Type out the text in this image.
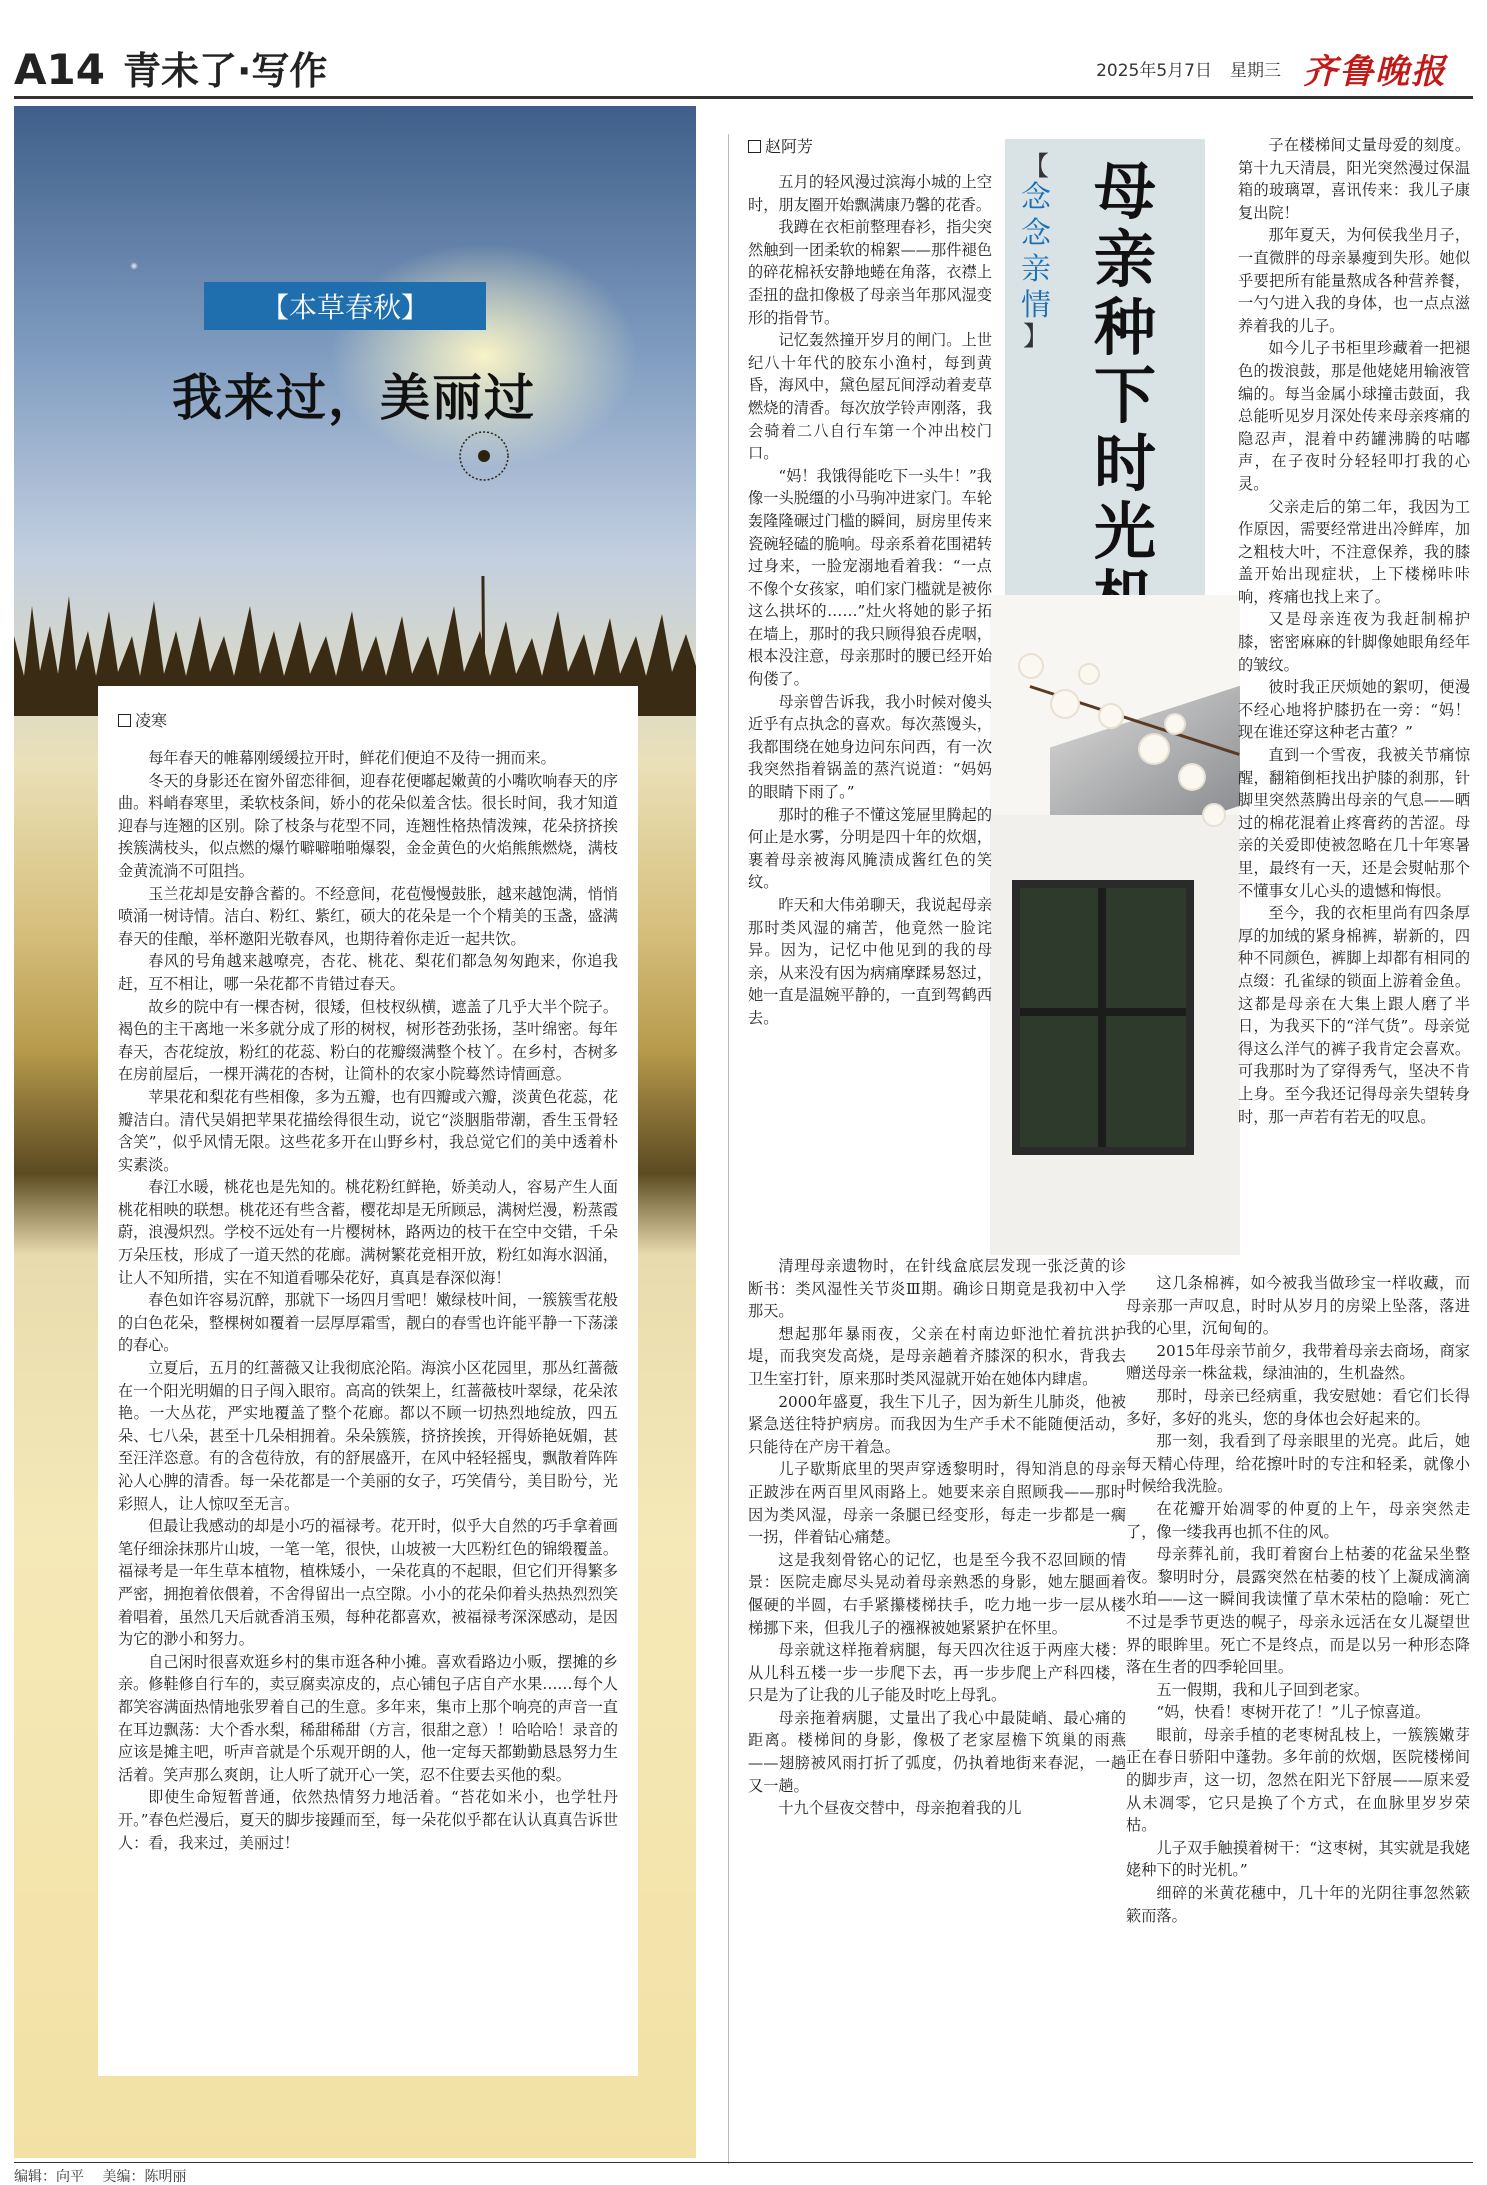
A14 青未了·写作	2025年5月7日 星期三 齐鲁晚报
【本草春秋】
我来过，美丽过
凌寒

每年春天的帷幕刚缓缓拉开时，鲜花们便迫不及待一拥而来。

冬天的身影还在窗外留恋徘徊，迎春花便嘟起嫩黄的小嘴吹响春天的序曲。料峭春寒里，柔软枝条间，娇小的花朵似羞含怯。很长时间，我才知道迎春与连翘的区别。除了枝条与花型不同，连翘性格热情泼辣，花朵挤挤挨挨簇满枝头，似点燃的爆竹噼噼啪啪爆裂，金金黄色的火焰熊熊燃烧，满枝金黄流淌不可阻挡。

玉兰花却是安静含蓄的。不经意间，花苞慢慢鼓胀，越来越饱满，悄悄喷涌一树诗情。洁白、粉红、紫红，硕大的花朵是一个个精美的玉盏，盛满春天的佳酿，举杯邀阳光敬春风，也期待着你走近一起共饮。

春风的号角越来越嘹亮，杏花、桃花、梨花们都急匆匆跑来，你追我赶，互不相让，哪一朵花都不肯错过春天。

故乡的院中有一棵杏树，很矮，但枝杈纵横，遮盖了几乎大半个院子。褐色的主干离地一米多就分成了形的树杈，树形苍劲张扬，茎叶绵密。每年春天，杏花绽放，粉红的花蕊、粉白的花瓣缀满整个枝丫。在乡村，杏树多在房前屋后，一棵开满花的杏树，让简朴的农家小院蓦然诗情画意。

苹果花和梨花有些相像，多为五瓣，也有四瓣或六瓣，淡黄色花蕊，花瓣洁白。清代吴娟把苹果花描绘得很生动，说它“淡胭脂带潮，香生玉骨轻含笑”，似乎风情无限。这些花多开在山野乡村，我总觉它们的美中透着朴实素淡。

春江水暖，桃花也是先知的。桃花粉红鲜艳，娇美动人，容易产生人面桃花相映的联想。桃花还有些含蓄，樱花却是无所顾忌，满树烂漫，粉蒸霞蔚，浪漫炽烈。学校不远处有一片樱树林，路两边的枝干在空中交错，千朵万朵压枝，形成了一道天然的花廊。满树繁花竞相开放，粉红如海水泅涌，让人不知所措，实在不知道看哪朵花好，真真是春深似海！

春色如许容易沉醉，那就下一场四月雪吧！嫩绿枝叶间，一簇簇雪花般的白色花朵，整棵树如覆着一层厚厚霜雪，靓白的春雪也许能平静一下荡漾的春心。

立夏后，五月的红蔷薇又让我彻底沦陷。海滨小区花园里，那丛红蔷薇在一个阳光明媚的日子闯入眼帘。高高的铁架上，红蔷薇枝叶翠绿，花朵浓艳。一大丛花，严实地覆盖了整个花廊。都以不顾一切热烈地绽放，四五朵、七八朵，甚至十几朵相拥着。朵朵簇簇，挤挤挨挨，开得娇艳妩媚，甚至汪洋恣意。有的含苞待放，有的舒展盛开，在风中轻轻摇曳，飘散着阵阵沁人心脾的清香。每一朵花都是一个美丽的女子，巧笑倩兮，美目盼兮，光彩照人，让人惊叹至无言。

但最让我感动的却是小巧的福禄考。花开时，似乎大自然的巧手拿着画笔仔细涂抹那片山坡，一笔一笔，很快，山坡被一大匹粉红色的锦缎覆盖。福禄考是一年生草本植物，植株矮小，一朵花真的不起眼，但它们开得繁多严密，拥抱着依偎着，不舍得留出一点空隙。小小的花朵仰着头热热烈烈笑着唱着，虽然几天后就香消玉殒，每种花都喜欢，被福禄考深深感动，是因为它的渺小和努力。

自己闲时很喜欢逛乡村的集市逛各种小摊。喜欢看路边小贩，摆摊的乡亲。修鞋修自行车的，卖豆腐卖凉皮的，点心铺包子店自产水果……每个人都笑容满面热情地张罗着自己的生意。多年来，集市上那个响亮的声音一直在耳边飘荡：大个香水梨，稀甜稀甜（方言，很甜之意）！哈哈哈！录音的应该是摊主吧，听声音就是个乐观开朗的人，他一定每天都勤勤恳恳努力生活着。笑声那么爽朗，让人听了就开心一笑，忍不住要去买他的梨。

即使生命短暂普通，依然热情努力地活着。“苔花如米小，也学牡丹开。”春色烂漫后，夏天的脚步接踵而至，每一朵花似乎都在认认真真告诉世人：看，我来过，美丽过！

【
念
念
亲
情
】
母
亲
种
下
时
光
赵阿芳

五月的轻风漫过滨海小城的上空时，朋友圈开始飘满康乃馨的花香。

我蹲在衣柜前整理春衫，指尖突然触到一团柔软的棉絮——那件褪色的碎花棉袄安静地蜷在角落，衣襟上歪扭的盘扣像极了母亲当年那风湿变形的指骨节。

记忆轰然撞开岁月的闸门。上世纪八十年代的胶东小渔村，每到黄昏，海风中，黛色屋瓦间浮动着麦草燃烧的清香。每次放学铃声刚落，我会骑着二八自行车第一个冲出校门口。

“妈！我饿得能吃下一头牛！”我像一头脱缰的小马驹冲进家门。车轮轰隆隆碾过门槛的瞬间，厨房里传来瓷碗轻磕的脆响。母亲系着花围裙转过身来，一脸宠溺地看着我：“一点不像个女孩家，咱们家门槛就是被你这么拱坏的……”灶火将她的影子拓在墙上，那时的我只顾得狼吞虎咽，根本没注意，母亲那时的腰已经开始佝偻了。

母亲曾告诉我，我小时候对傻头近乎有点执念的喜欢。每次蒸馒头，我都围绕在她身边问东问西，有一次我突然指着锅盖的蒸汽说道：“妈妈的眼睛下雨了。”

那时的稚子不懂这笼屉里腾起的何止是水雾，分明是四十年的炊烟，裹着母亲被海风腌渍成酱红色的笑纹。

昨天和大伟弟聊天，我说起母亲那时类风湿的痛苦，他竟然一脸诧异。因为，记忆中他见到的我的母亲，从来没有因为病痛摩蹂易怒过，她一直是温婉平静的，一直到驾鹤西去。

清理母亲遗物时，在针线盒底层发现一张泛黄的诊断书：类风湿性关节炎Ⅲ期。确诊日期竟是我初中入学那天。

想起那年暴雨夜，父亲在村南边虾池忙着抗洪护堤，而我突发高烧，是母亲趟着齐膝深的积水，背我去卫生室打针，原来那时类风湿就开始在她体内肆虐。

2000年盛夏，我生下儿子，因为新生儿肺炎，他被紧急送往特护病房。而我因为生产手术不能随便活动，只能待在产房干着急。

儿子歇斯底里的哭声穿透黎明时，得知消息的母亲正跛涉在两百里风雨路上。她要来亲自照顾我——那时因为类风湿，母亲一条腿已经变形，每走一步都是一瘸一拐，伴着钻心痛楚。

这是我刻骨铭心的记忆，也是至今我不忍回顾的情景：医院走廊尽头晃动着母亲熟悉的身影，她左腿画着偃硬的半圆，右手紧攥楼梯扶手，吃力地一步一层从楼梯挪下来，但我儿子的襁褓被她紧紧护在怀里。

母亲就这样拖着病腿，每天四次往返于两座大楼：从儿科五楼一步一步爬下去，再一步步爬上产科四楼，只是为了让我的儿子能及时吃上母乳。

母亲拖着病腿，丈量出了我心中最陡峭、最心痛的距离。楼梯间的身影，像极了老家屋檐下筑巢的雨燕——翅膀被风雨打折了弧度，仍执着地街来春泥，一趟又一趟。

十九个昼夜交替中，母亲抱着我的儿

子在楼梯间丈量母爱的刻度。第十九天清晨，阳光突然漫过保温箱的玻璃罩，喜讯传来：我儿子康复出院！

那年夏天，为何侯我坐月子，一直微胖的母亲暴瘦到失形。她似乎要把所有能量熬成各种营养餐，一勺勺进入我的身体，也一点点滋养着我的儿子。

如今儿子书柜里珍藏着一把褪色的拨浪鼓，那是他姥姥用输液管编的。每当金属小球撞击鼓面，我总能听见岁月深处传来母亲疼痛的隐忍声，混着中药罐沸腾的咕嘟声，在子夜时分轻轻叩打我的心灵。

父亲走后的第二年，我因为工作原因，需要经常进出冷鲜库，加之粗枝大叶，不注意保养，我的膝盖开始出现症状，上下楼梯咔咔响，疼痛也找上来了。

又是母亲连夜为我赶制棉护膝，密密麻麻的针脚像她眼角经年的皱纹。

彼时我正厌烦她的絮叨，便漫不经心地将护膝扔在一旁：“妈！现在谁还穿这种老古董？”

直到一个雪夜，我被关节痛惊醒，翻箱倒柜找出护膝的刹那，针脚里突然蒸腾出母亲的气息——晒过的棉花混着止疼膏药的苦涩。母亲的关爱即使被忽略在几十年寒暑里，最终有一天，还是会熨帖那个不懂事女儿心头的遗憾和悔恨。

至今，我的衣柜里尚有四条厚厚的加绒的紧身棉裤，崭新的，四种不同颜色，裤脚上却都有相同的点缀：孔雀绿的锁面上游着金鱼。这都是母亲在大集上跟人磨了半日，为我买下的“洋气货”。母亲觉得这么洋气的裤子我肯定会喜欢。可我那时为了穿得秀气，坚决不肯上身。至今我还记得母亲失望转身时，那一声若有若无的叹息。

这几条棉裤，如今被我当做珍宝一样收藏，而母亲那一声叹息，时时从岁月的房梁上坠落，落进我的心里，沉甸甸的。

2015年母亲节前夕，我带着母亲去商场，商家赠送母亲一株盆栽，绿油油的，生机盎然。

那时，母亲已经病重，我安慰她：看它们长得多好，多好的兆头，您的身体也会好起来的。

那一刻，我看到了母亲眼里的光亮。此后，她每天精心侍理，给花擦叶时的专注和轻柔，就像小时候给我洗脸。

在花瓣开始凋零的仲夏的上午，母亲突然走了，像一缕我再也抓不住的风。

母亲葬礼前，我盯着窗台上枯萎的花盆呆坐整夜。黎明时分，晨露突然在枯萎的枝丫上凝成滴滴水珀——这一瞬间我读懂了草木荣枯的隐喻：死亡不过是季节更迭的幌子，母亲永远活在女儿凝望世界的眼眸里。死亡不是终点，而是以另一种形态降落在生者的四季轮回里。

五一假期，我和儿子回到老家。

“妈，快看！枣树开花了！”儿子惊喜道。

眼前，母亲手植的老枣树乱枝上，一簇簇嫩芽正在春日骄阳中蓬勃。多年前的炊烟，医院楼梯间的脚步声，这一切，忽然在阳光下舒展——原来爱从未凋零，它只是换了个方式，在血脉里岁岁荣枯。

儿子双手触摸着树干：“这枣树，其实就是我姥姥种下的时光机。”

细碎的米黄花穗中，几十年的光阴往事忽然簌簌而落。

编辑：向平 美编：陈明丽
